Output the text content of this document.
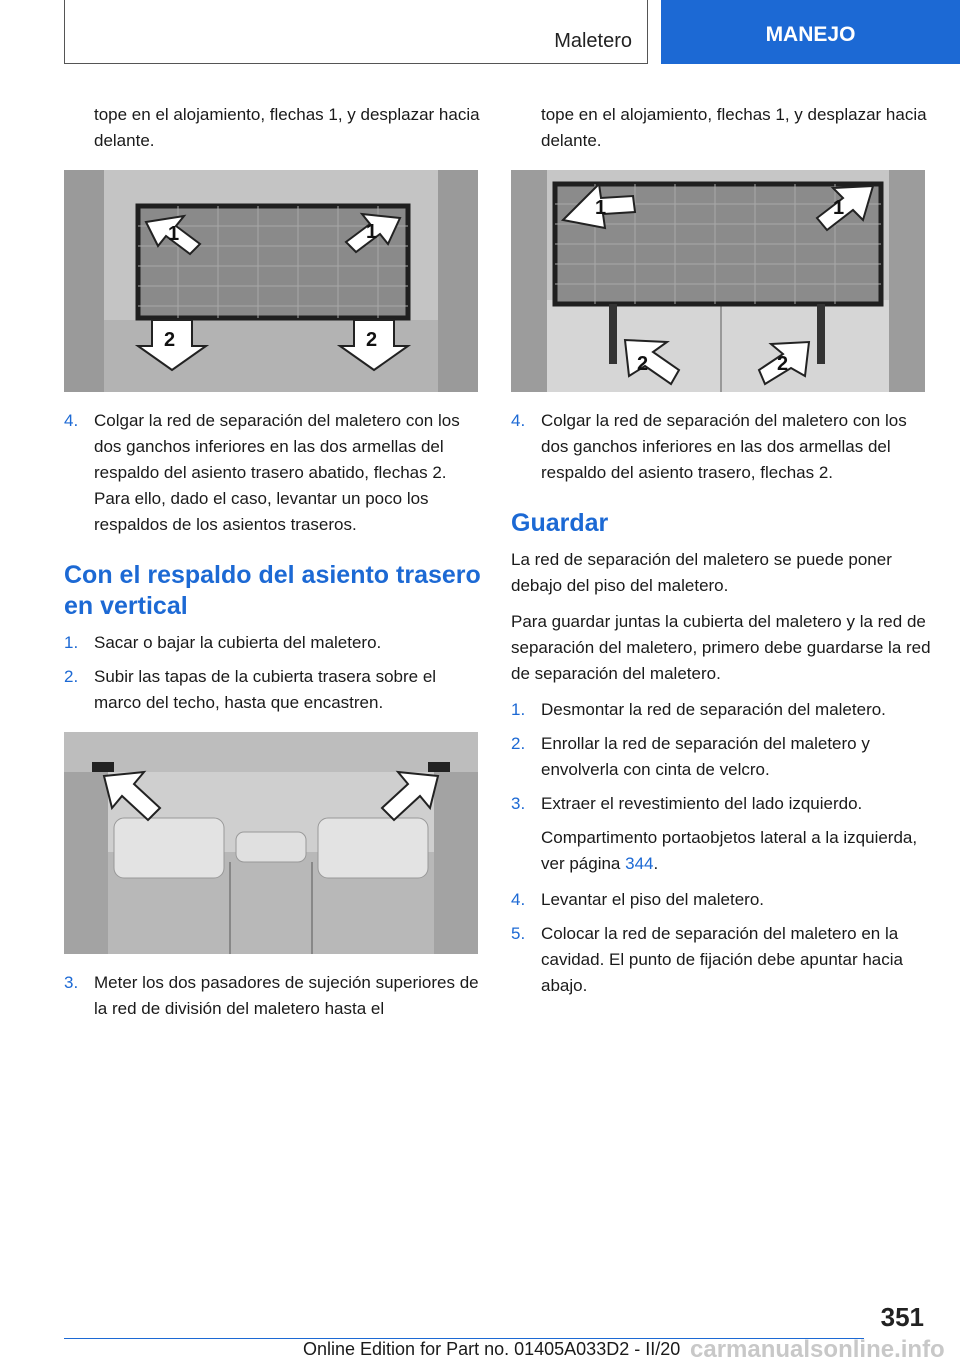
Maletero	MANEJO

tope en el alojamiento, flechas 1, y desplazar hacia delante.

1	1
2	2
4. Colgar la red de separación del maletero con los dos ganchos inferiores en las dos armellas del respaldo del asiento trasero abatido, flechas 2. Para ello, dado el caso, levantar un poco los respaldos de los asientos traseros.
Con el respaldo del asiento trasero en vertical
1. Sacar o bajar la cubierta del maletero.
2. Subir las tapas de la cubierta trasera sobre el marco del techo, hasta que encastren.
3. Meter los dos pasadores de sujeción superiores de la red de división del maletero hasta el

tope en el alojamiento, flechas 1, y desplazar hacia delante.

1	1
2	2
4. Colgar la red de separación del maletero con los dos ganchos inferiores en las dos armellas del respaldo del asiento trasero, flechas 2.
Guardar

La red de separación del maletero se puede poner debajo del piso del maletero.

Para guardar juntas la cubierta del maletero y la red de separación del maletero, primero debe guardarse la red de separación del maletero.

1. Desmontar la red de separación del maletero.
2. Enrollar la red de separación del maletero y envolverla con cinta de velcro.
3. Extraer el revestimiento del lado izquierdo.

Compartimento portaobjetos lateral a la izquierda, ver página 344.

4. Levantar el piso del maletero.
5. Colocar la red de separación del maletero en la cavidad. El punto de fijación debe apuntar hacia abajo.
351
Online Edition for Part no. 01405A033D2 - II/20 carmanualsonline.info
